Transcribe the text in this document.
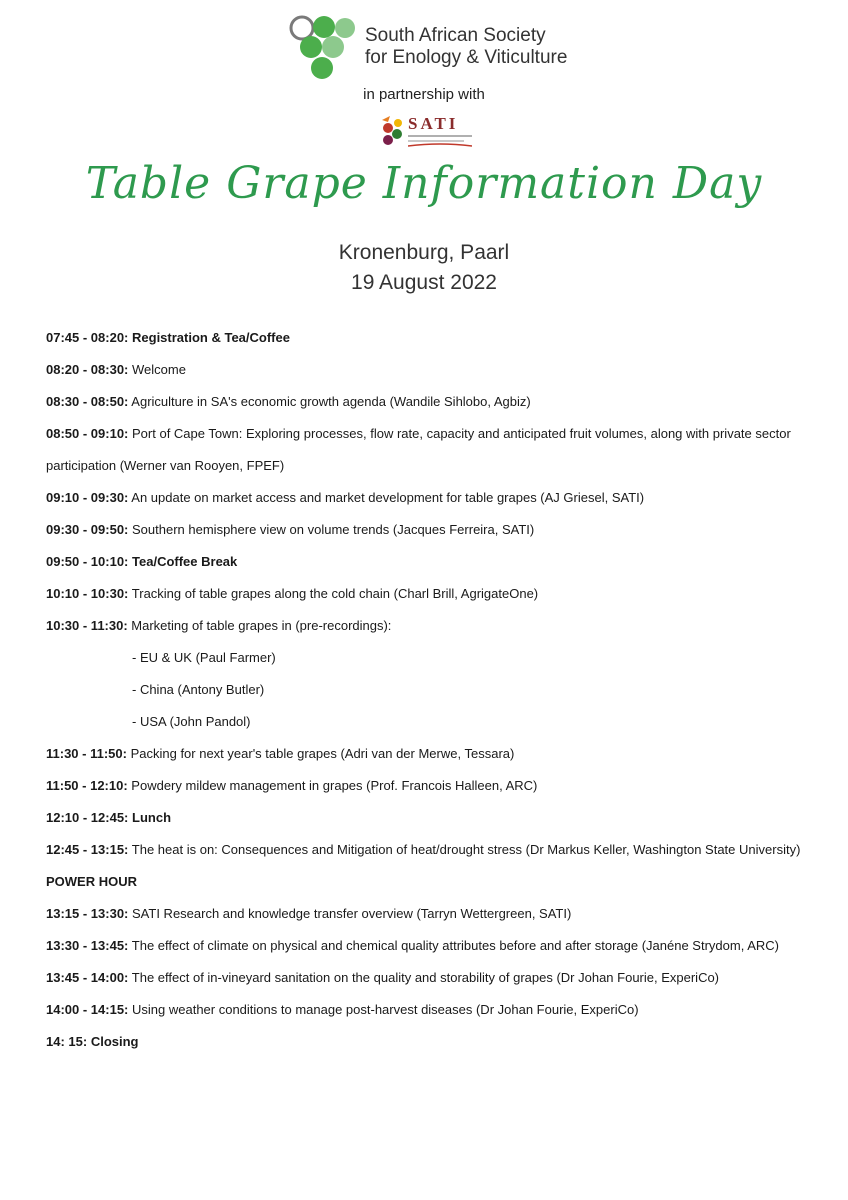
South African Society
for Enology & Viticulture
in partnership with
SATI
Table Grape Information Day
Kronenburg, Paarl
19 August 2022
07:45 - 08:20: Registration & Tea/Coffee
08:20 - 08:30: Welcome
08:30 - 08:50: Agriculture in SA's economic growth agenda (Wandile Sihlobo, Agbiz)
08:50 - 09:10: Port of Cape Town: Exploring processes, flow rate, capacity and anticipated fruit volumes, along with private sector participation (Werner van Rooyen, FPEF)
09:10 - 09:30: An update on market access and market development for table grapes (AJ Griesel, SATI)
09:30 - 09:50: Southern hemisphere view on volume trends (Jacques Ferreira, SATI)
09:50 - 10:10: Tea/Coffee Break
10:10 - 10:30: Tracking of table grapes along the cold chain (Charl Brill, AgrigateOne)
10:30 - 11:30: Marketing of table grapes in (pre-recordings):
- EU & UK (Paul Farmer)
- China (Antony Butler)
- USA (John Pandol)
11:30 - 11:50: Packing for next year's table grapes (Adri van der Merwe, Tessara)
11:50 - 12:10: Powdery mildew management in grapes (Prof. Francois Halleen, ARC)
12:10 - 12:45: Lunch
12:45 - 13:15: The heat is on: Consequences and Mitigation of heat/drought stress (Dr Markus Keller, Washington State University)
POWER HOUR
13:15 - 13:30: SATI Research and knowledge transfer overview (Tarryn Wettergreen, SATI)
13:30 - 13:45: The effect of climate on physical and chemical quality attributes before and after storage (Janéne Strydom, ARC)
13:45 - 14:00: The effect of in-vineyard sanitation on the quality and storability of grapes (Dr Johan Fourie, ExperiCo)
14:00 - 14:15: Using weather conditions to manage post-harvest diseases (Dr Johan Fourie, ExperiCo)
14: 15: Closing
